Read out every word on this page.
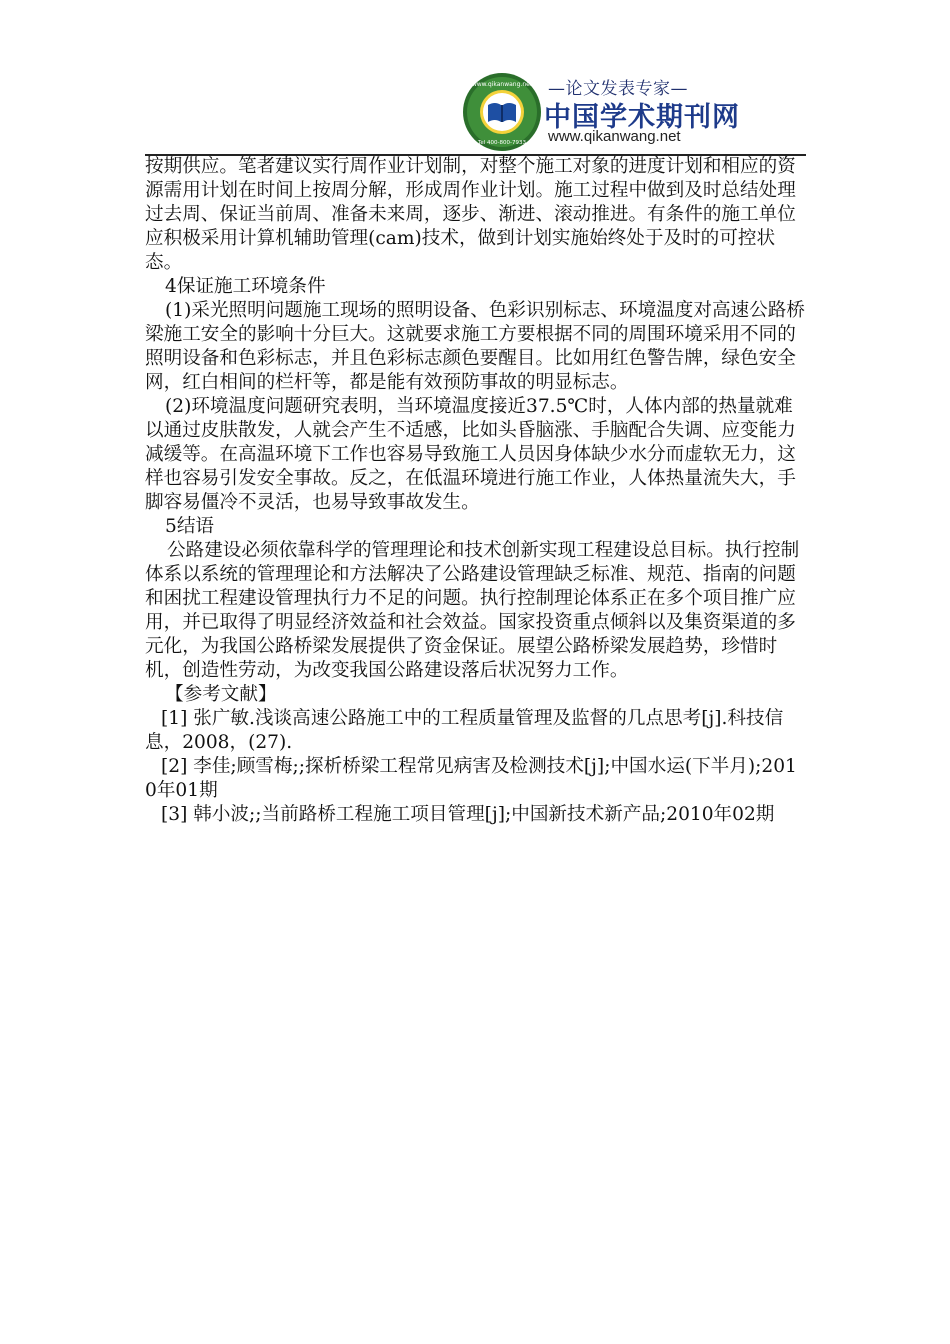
www.qikanwang.net
Tel 400-800-7933
—论文发表专家—
中国学术期刊网
www.qikanwang.net

按期供应。笔者建议实行周作业计划制，对整个施工对象的进度计划和相应的资源需用计划在时间上按周分解，形成周作业计划。施工过程中做到及时总结处理过去周、保证当前周、准备未来周，逐步、渐进、滚动推进。有条件的施工单位应积极采用计算机辅助管理(cam)技术，做到计划实施始终处于及时的可控状态。

4保证施工环境条件

(1)采光照明问题施工现场的照明设备、色彩识别标志、环境温度对高速公路桥梁施工安全的影响十分巨大。这就要求施工方要根据不同的周围环境采用不同的照明设备和色彩标志，并且色彩标志颜色要醒目。比如用红色警告牌，绿色安全网，红白相间的栏杆等，都是能有效预防事故的明显标志。

(2)环境温度问题研究表明，当环境温度接近37.5℃时，人体内部的热量就难以通过皮肤散发，人就会产生不适感，比如头昏脑涨、手脑配合失调、应变能力减缓等。在高温环境下工作也容易导致施工人员因身体缺少水分而虚软无力，这样也容易引发安全事故。反之，在低温环境进行施工作业，人体热量流失大，手脚容易僵冷不灵活，也易导致事故发生。

5结语

公路建设必须依靠科学的管理理论和技术创新实现工程建设总目标。执行控制体系以系统的管理理论和方法解决了公路建设管理缺乏标准、规范、指南的问题和困扰工程建设管理执行力不足的问题。执行控制理论体系正在多个项目推广应用，并已取得了明显经济效益和社会效益。国家投资重点倾斜以及集资渠道的多元化，为我国公路桥梁发展提供了资金保证。展望公路桥梁发展趋势，珍惜时机，创造性劳动，为改变我国公路建设落后状况努力工作。

【参考文献】

[1] 张广敏.浅谈高速公路施工中的工程质量管理及监督的几点思考[j].科技信息，2008，(27).

[2] 李佳;顾雪梅;;探析桥梁工程常见病害及检测技术[j];中国水运(下半月);2010年01期

[3] 韩小波;;当前路桥工程施工项目管理[j];中国新技术新产品;2010年02期
